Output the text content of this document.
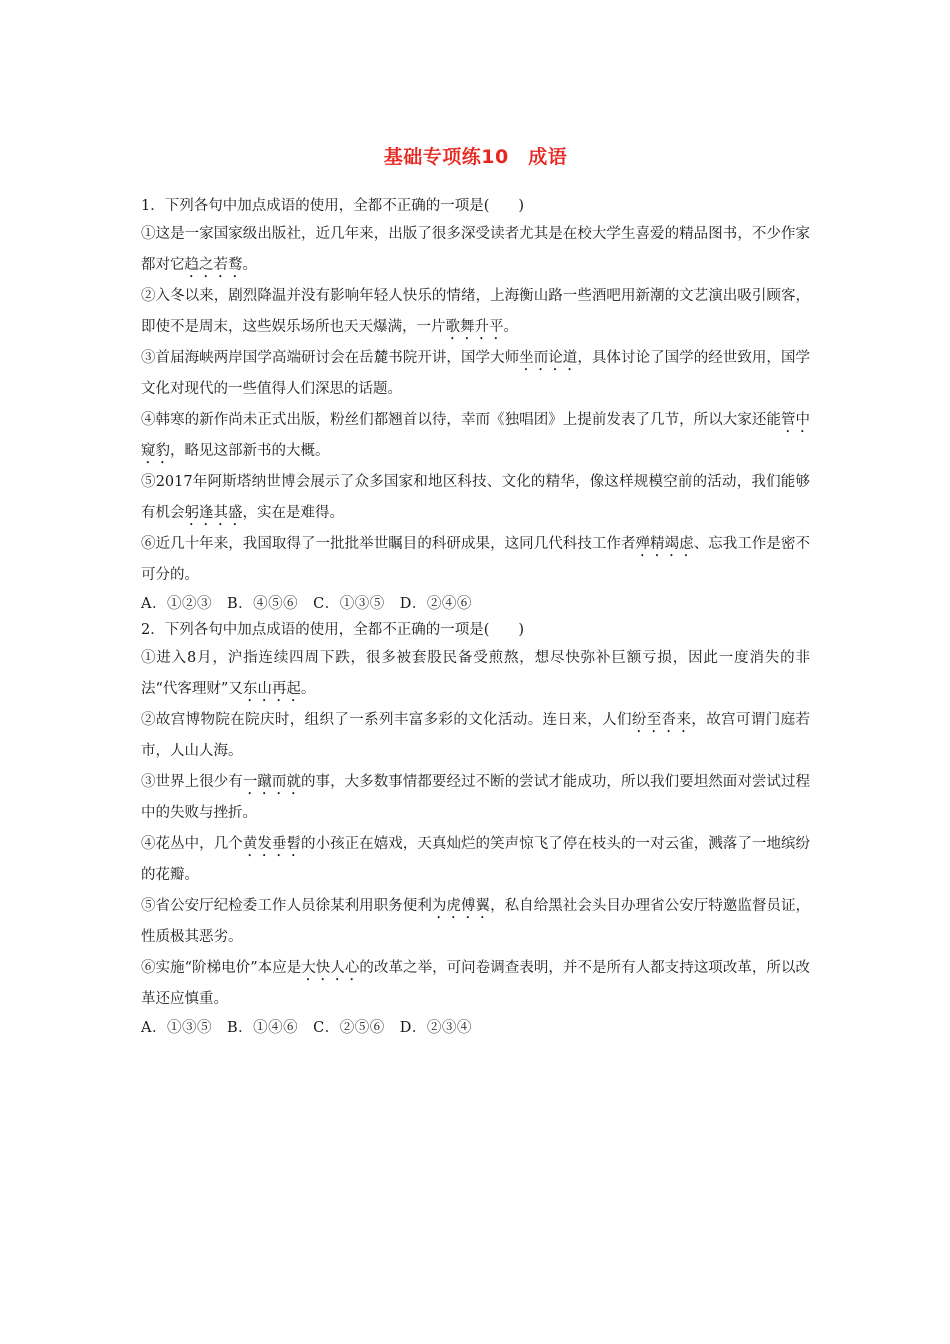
基础专项练10　成语
1．下列各句中加点成语的使用，全都不正确的一项是(　　)
①这是一家国家级出版社，近几年来，出版了很多深受读者尤其是在校大学生喜爱的精品图书，不少作家都对它趋之若鹜。
②入冬以来，剧烈降温并没有影响年轻人快乐的情绪，上海衡山路一些酒吧用新潮的文艺演出吸引顾客，即使不是周末，这些娱乐场所也天天爆满，一片歌舞升平。
③首届海峡两岸国学高端研讨会在岳麓书院开讲，国学大师坐而论道，具体讨论了国学的经世致用，国学文化对现代的一些值得人们深思的话题。
④韩寒的新作尚未正式出版，粉丝们都翘首以待，幸而《独唱团》上提前发表了几节，所以大家还能管中窥豹，略见这部新书的大概。
⑤2017年阿斯塔纳世博会展示了众多国家和地区科技、文化的精华，像这样规模空前的活动，我们能够有机会躬逢其盛，实在是难得。
⑥近几十年来，我国取得了一批批举世瞩目的科研成果，这同几代科技工作者殚精竭虑、忘我工作是密不可分的。
A．①②③　B．④⑤⑥　C．①③⑤　D．②④⑥
2．下列各句中加点成语的使用，全都不正确的一项是(　　)
①进入8月，沪指连续四周下跌，很多被套股民备受煎熬，想尽快弥补巨额亏损，因此一度消失的非法“代客理财”又东山再起。
②故宫博物院在院庆时，组织了一系列丰富多彩的文化活动。连日来，人们纷至沓来，故宫可谓门庭若市，人山人海。
③世界上很少有一蹴而就的事，大多数事情都要经过不断的尝试才能成功，所以我们要坦然面对尝试过程中的失败与挫折。
④花丛中，几个黄发垂髫的小孩正在嬉戏，天真灿烂的笑声惊飞了停在枝头的一对云雀，溅落了一地缤纷的花瓣。
⑤省公安厅纪检委工作人员徐某利用职务便利为虎傅翼，私自给黑社会头目办理省公安厅特邀监督员证，性质极其恶劣。
⑥实施“阶梯电价”本应是大快人心的改革之举，可问卷调查表明，并不是所有人都支持这项改革，所以改革还应慎重。
A．①③⑤　B．①④⑥　C．②⑤⑥　D．②③④
